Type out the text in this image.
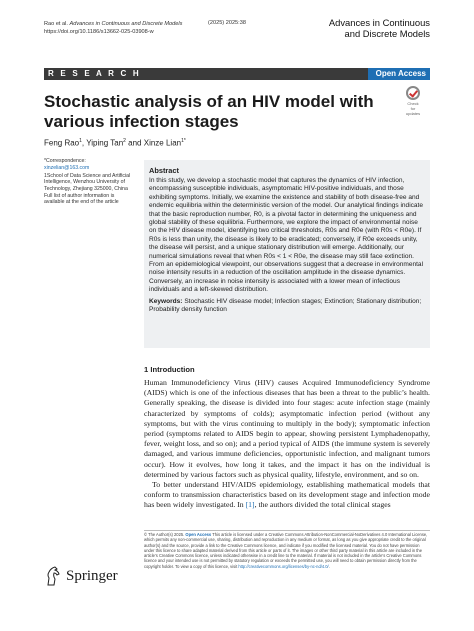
Rao et al. Advances in Continuous and Discrete Models
https://doi.org/10.1186/s13662-025-03908-w
(2025) 2025:38	Advances in Continuous
and Discrete Models
R E S E A R C H	Open Access
Stochastic analysis of an HIV model with various infection stages
Check for updates
Feng Rao$^1$, Yiping Tan$^2$ and Xinze Lian$^{1*}$

*Correspondence:

xinzelian@163.com

1School of Data Science and Artificial Intelligence, Wenzhou University of Technology, Zhejiang 325000, China

Full list of author information is available at the end of the article

Abstract

In this study, we develop a stochastic model that captures the dynamics of HIV infection, encompassing susceptible individuals, asymptomatic HIV-positive individuals, and those exhibiting symptoms. Initially, we examine the existence and stability of both disease-free and endemic equilibria within the deterministic version of the model. Our analytical findings indicate that the basic reproduction number, R0, is a pivotal factor in determining the uniqueness and global stability of these equilibria. Furthermore, we explore the impact of environmental noise on the HIV disease model, identifying two critical thresholds, R0s and R0e (with R0s < R0e). If R0s is less than unity, the disease is likely to be eradicated; conversely, if R0e exceeds unity, the disease will persist, and a unique stationary distribution will emerge. Additionally, our numerical simulations reveal that when R0s < 1 < R0e, the disease may still face extinction. From an epidemiological viewpoint, our observations suggest that a decrease in environmental noise intensity results in a reduction of the oscillation amplitude in the disease dynamics. Conversely, an increase in noise intensity is associated with a lower mean of infectious individuals and a left-skewed distribution.

Keywords: Stochastic HIV disease model; Infection stages; Extinction; Stationary distribution; Probability density function

1 Introduction

Human Immunodeficiency Virus (HIV) causes Acquired Immunodeficiency Syndrome (AIDS) which is one of the infectious diseases that has been a threat to the public’s health. Generally speaking, the disease is divided into four stages: acute infection stage (mainly characterized by symptoms of colds); asymptomatic infection period (without any symptoms, but with the virus continuing to multiply in the body); symptomatic infection period (symptoms related to AIDS begin to appear, showing persistent Lymphadenopathy, fever, weight loss, and so on); and a period typical of AIDS (the immune system is severely damaged, and various immune deficiencies, opportunistic infection, and malignant tumors occur). How it evolves, how long it takes, and the impact it has on the individual is determined by various factors such as physical quality, lifestyle, environment, and so on.

To better understand HIV/AIDS epidemiology, establishing mathematical models that conform to transmission characteristics based on its development stage and infection mode has been widely investigated. In [1], the authors divided the total clinical stages

© The Author(s) 2025. Open Access This article is licensed under a Creative Commons Attribution-NonCommercial-NoDerivatives 4.0 International License, which permits any non-commercial use, sharing, distribution and reproduction in any medium or format, as long as you give appropriate credit to the original author(s) and the source, provide a link to the Creative Commons licence, and indicate if you modified the licensed material. You do not have permission under this licence to share adapted material derived from this article or parts of it. The images or other third party material in this article are included in the article’s Creative Commons licence, unless indicated otherwise in a credit line to the material. If material is not included in the article’s Creative Commons licence and your intended use is not permitted by statutory regulation or exceeds the permitted use, you will need to obtain permission directly from the copyright holder. To view a copy of this licence, visit http://creativecommons.org/licenses/by-nc-nd/4.0/.
Springer
